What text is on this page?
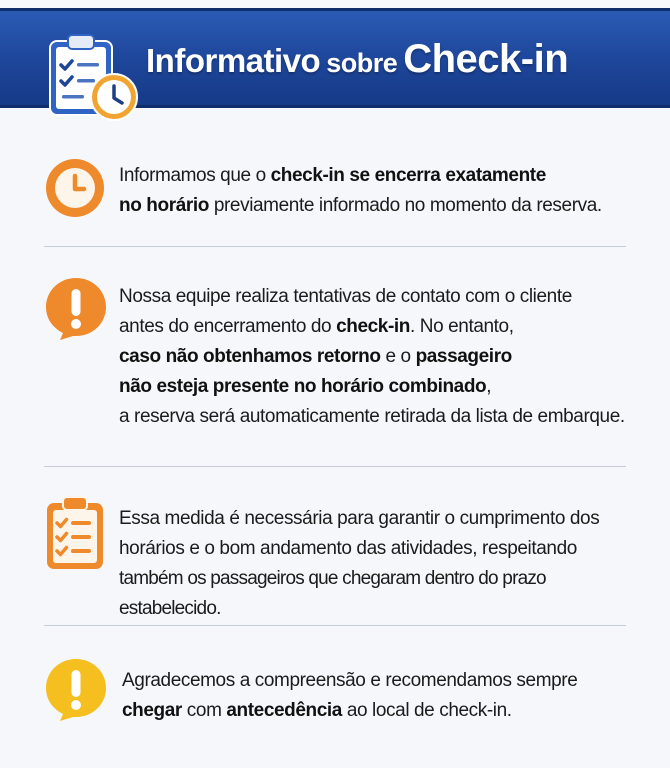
Informativo sobre Check-in
Informamos que o check-in se encerra exatamente
no horário previamente informado no momento da reserva.
Nossa equipe realiza tentativas de contato com o cliente
antes do encerramento do check-in. No entanto,
caso não obtenhamos retorno e o passageiro
não esteja presente no horário combinado,
a reserva será automaticamente retirada da lista de embarque.
Essa medida é necessária para garantir o cumprimento dos
horários e o bom andamento das atividades, respeitando
também os passageiros que chegaram dentro do prazo estabelecido.
Agradecemos a compreensão e recomendamos sempre
chegar com antecedência ao local de check-in.
